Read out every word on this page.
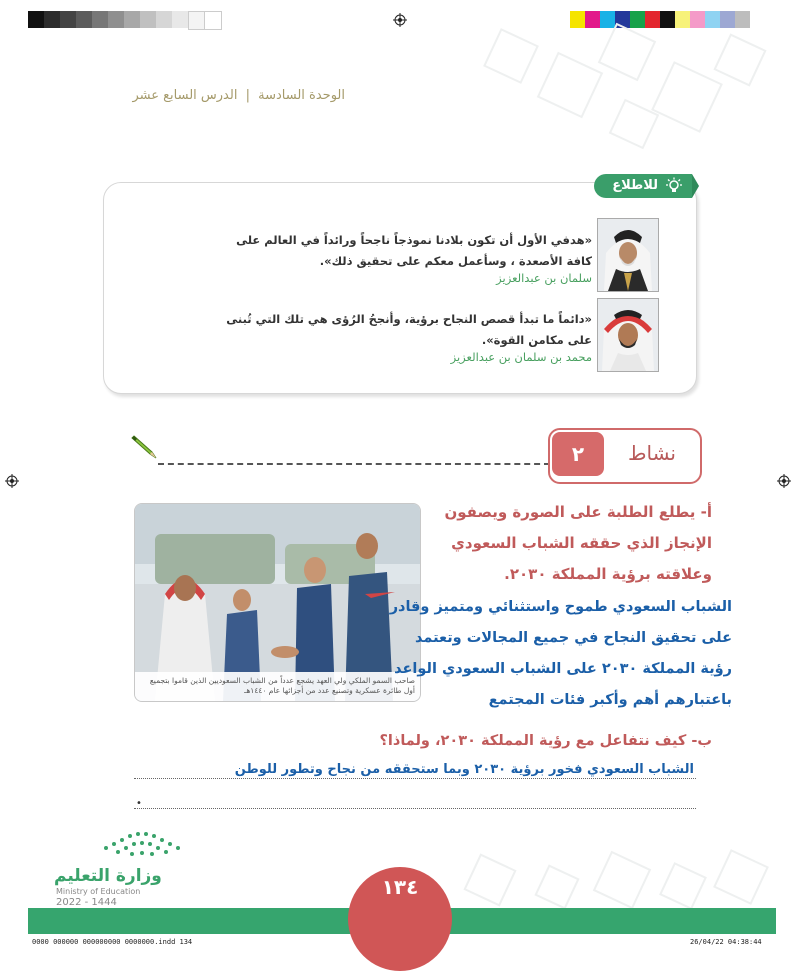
الوحدة السادسة | الدرس السابع عشر
للاطلاع
«هدفي الأول أن تكون بلادنا نموذجاً ناجحاً ورائداً في العالم على كافة الأصعدة ، وسأعمل معكم على تحقيق ذلك».
سلمان بن عبدالعزيز
«دائماً ما تبدأ قصص النجاح برؤية، وأنجحُ الرُؤى هي تلك التي تُبنى على مكامن القوة».
محمد بن سلمان بن عبدالعزيز
٢	نشاط
صاحب السمو الملكي ولي العهد يشجع عدداً من الشباب السعوديين الذين قاموا بتجميع أول طائرة عسكرية وتصنيع عدد من أجزائها عام ١٤٤٠هـ
أ- يطلع الطلبة على الصورة ويصفون
الإنجاز الذي حققه الشباب السعودي
وعلاقته برؤية المملكة ٢٠٣٠.
الشباب السعودي طموح واستثنائي ومتميز وقادر
على تحقيق النجاح في جميع المجالات وتعتمد
رؤية المملكة ٢٠٣٠ على الشباب السعودي الواعد
باعتبارهم أهم وأكبر فئات المجتمع
ب- كيف نتفاعل مع رؤية المملكة ٢٠٣٠، ولماذا؟
الشباب السعودي فخور برؤية ٢٠٣٠ وبما ستحققه من نجاح وتطور للوطن
•
وزارة التعليم
Ministry of Education
2022 - 1444
١٣٤
0000 000000 000000000 0000000.indd 134	26/04/22 04:38:44
